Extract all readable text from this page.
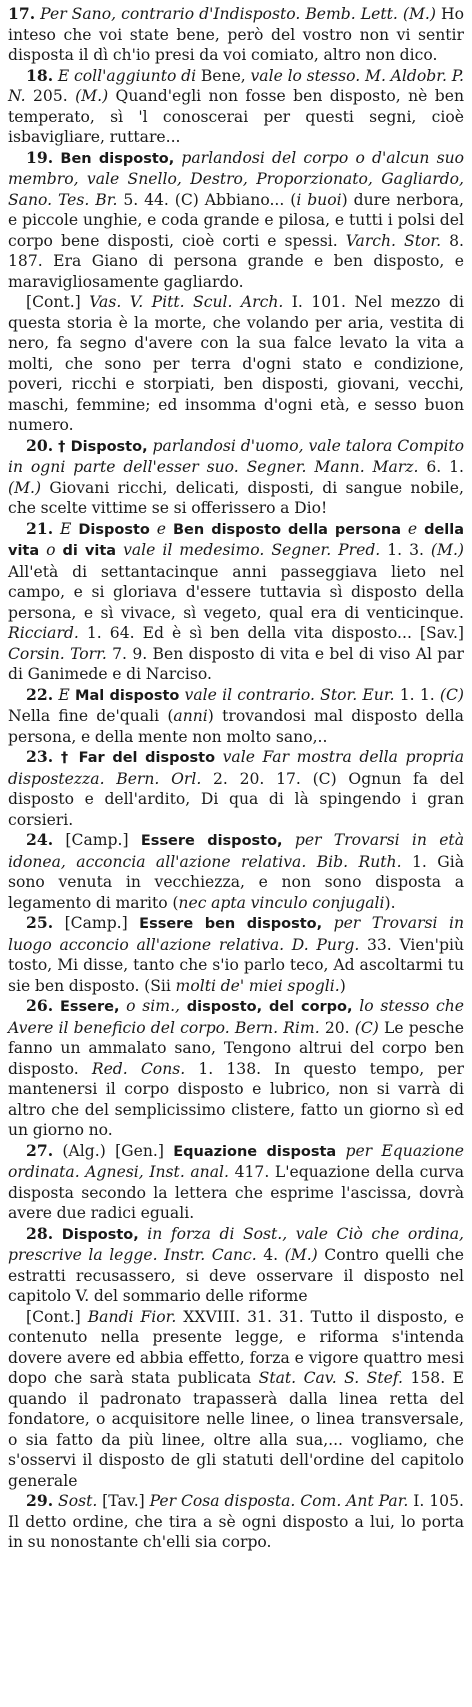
17. Per Sano, contrario d'Indisposto. Bemb. Lett. (M.) Ho inteso che voi state bene, però del vostro non vi sentir disposta il dì ch'io presi da voi comiato, altro non dico.

18. E coll'aggiunto di Bene, vale lo stesso. M. Aldobr. P. N. 205. (M.) Quand'egli non fosse ben disposto, nè ben temperato, sì 'l conoscerai per questi segni, cioè isbavigliare, ruttare...

19. Ben disposto, parlandosi del corpo o d'alcun suo membro, vale Snello, Destro, Proporzionato, Gagliardo, Sano. Tes. Br. 5. 44. (C) Abbiano... (i buoi) dure nerbora, e piccole unghie, e coda grande e pilosa, e tutti i polsi del corpo bene disposti, cioè corti e spessi. Varch. Stor. 8. 187. Era Giano di persona grande e ben disposto, e maravigliosamente gagliardo.

[Cont.] Vas. V. Pitt. Scul. Arch. I. 101. Nel mezzo di questa storia è la morte, che volando per aria, vestita di nero, fa segno d'avere con la sua falce levato la vita a molti, che sono per terra d'ogni stato e condizione, poveri, ricchi e storpiati, ben disposti, giovani, vecchi, maschi, femmine; ed insomma d'ogni età, e sesso buon numero.

20. † Disposto, parlandosi d'uomo, vale talora Compito in ogni parte dell'esser suo. Segner. Mann. Marz. 6. 1. (M.) Giovani ricchi, delicati, disposti, di sangue nobile, che scelte vittime se si offerissero a Dio!

21. E Disposto e Ben disposto della persona e della vita o di vita vale il medesimo. Segner. Pred. 1. 3. (M.) All'età di settantacinque anni passeggiava lieto nel campo, e si gloriava d'essere tuttavia sì disposto della persona, e sì vivace, sì vegeto, qual era di venticinque. Ricciard. 1. 64. Ed è sì ben della vita disposto... [Sav.] Corsin. Torr. 7. 9. Ben disposto di vita e bel di viso Al par di Ganimede e di Narciso.

22. E Mal disposto vale il contrario. Stor. Eur. 1. 1. (C) Nella fine de'quali (anni) trovandosi mal disposto della persona, e della mente non molto sano,..

23. † Far del disposto vale Far mostra della propria dispostezza. Bern. Orl. 2. 20. 17. (C) Ognun fa del disposto e dell'ardito, Di qua di là spingendo i gran corsieri.

24. [Camp.] Essere disposto, per Trovarsi in età idonea, acconcia all'azione relativa. Bib. Ruth. 1. Già sono venuta in vecchiezza, e non sono disposta a legamento di marito (nec apta vinculo conjugali).

25. [Camp.] Essere ben disposto, per Trovarsi in luogo acconcio all'azione relativa. D. Purg. 33. Vien'più tosto, Mi disse, tanto che s'io parlo teco, Ad ascoltarmi tu sie ben disposto. (Sii molti de' miei spogli.)

26. Essere, o sim., disposto, del corpo, lo stesso che Avere il beneficio del corpo. Bern. Rim. 20. (C) Le pesche fanno un ammalato sano, Tengono altrui del corpo ben disposto. Red. Cons. 1. 138. In questo tempo, per mantenersi il corpo disposto e lubrico, non si varrà di altro che del semplicissimo clistere, fatto un giorno sì ed un giorno no.

27. (Alg.) [Gen.] Equazione disposta per Equazione ordinata. Agnesi, Inst. anal. 417. L'equazione della curva disposta secondo la lettera che esprime l'ascissa, dovrà avere due radici eguali.

28. Disposto, in forza di Sost., vale Ciò che ordina, prescrive la legge. Instr. Canc. 4. (M.) Contro quelli che estratti recusassero, si deve osservare il disposto nel capitolo V. del sommario delle riforme

[Cont.] Bandi Fior. XXVIII. 31. 31. Tutto il disposto, e contenuto nella presente legge, e riforma s'intenda dovere avere ed abbia effetto, forza e vigore quattro mesi dopo che sarà stata publicata Stat. Cav. S. Stef. 158. E quando il padronato trapasserà dalla linea retta del fondatore, o acquisitore nelle linee, o linea transversale, o sia fatto da più linee, oltre alla sua,... vogliamo, che s'osservi il disposto de gli statuti dell'ordine del capitolo generale

29. Sost. [Tav.] Per Cosa disposta. Com. Ant Par. I. 105. Il detto ordine, che tira a sè ogni disposto a lui, lo porta in su nonostante ch'elli sia corpo.
